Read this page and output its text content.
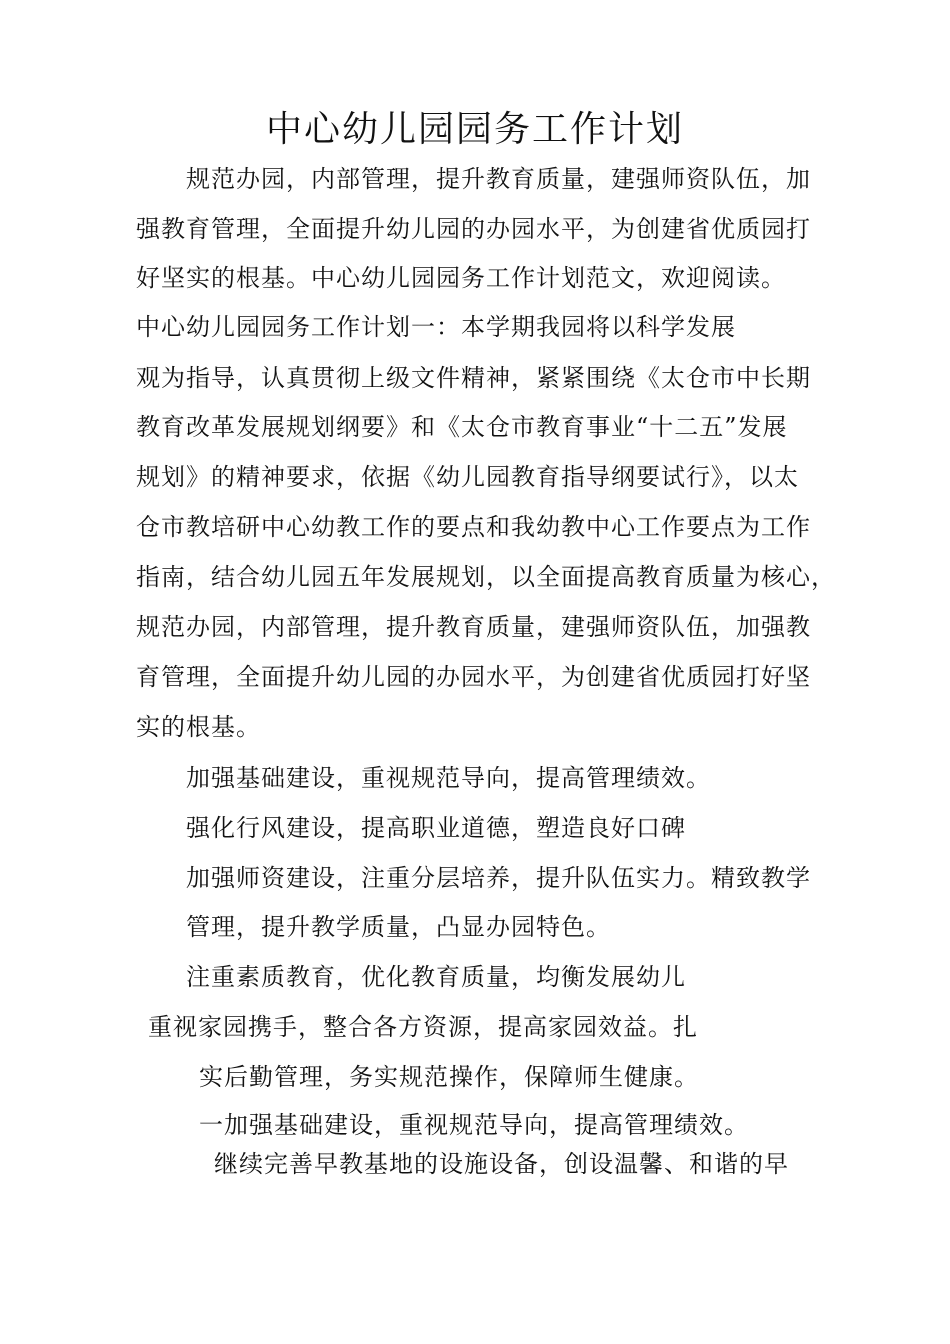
中心幼儿园园务工作计划
规范办园，内部管理，提升教育质量，建强师资队伍，加
强教育管理，全面提升幼儿园的办园水平，为创建省优质园打
好坚实的根基。中心幼儿园园务工作计划范文，欢迎阅读。
中心幼儿园园务工作计划一：本学期我园将以科学发展
观为指导，认真贯彻上级文件精神，紧紧围绕《太仓市中长期
教育改革发展规划纲要》和《太仓市教育事业“十二五”发展
规划》的精神要求，依据《幼儿园教育指导纲要试行》，以太
仓市教培研中心幼教工作的要点和我幼教中心工作要点为工作
指南，结合幼儿园五年发展规划，以全面提高教育质量为核心，
规范办园，内部管理，提升教育质量，建强师资队伍，加强教
育管理，全面提升幼儿园的办园水平，为创建省优质园打好坚
实的根基。
加强基础建设，重视规范导向，提高管理绩效。
强化行风建设，提高职业道德，塑造良好口碑
加强师资建设，注重分层培养，提升队伍实力。精致教学
管理，提升教学质量，凸显办园特色。
注重素质教育，优化教育质量，均衡发展幼儿
重视家园携手，整合各方资源，提高家园效益。扎
实后勤管理，务实规范操作，保障师生健康。
一加强基础建设，重视规范导向，提高管理绩效。
继续完善早教基地的设施设备，创设温馨、和谐的早
